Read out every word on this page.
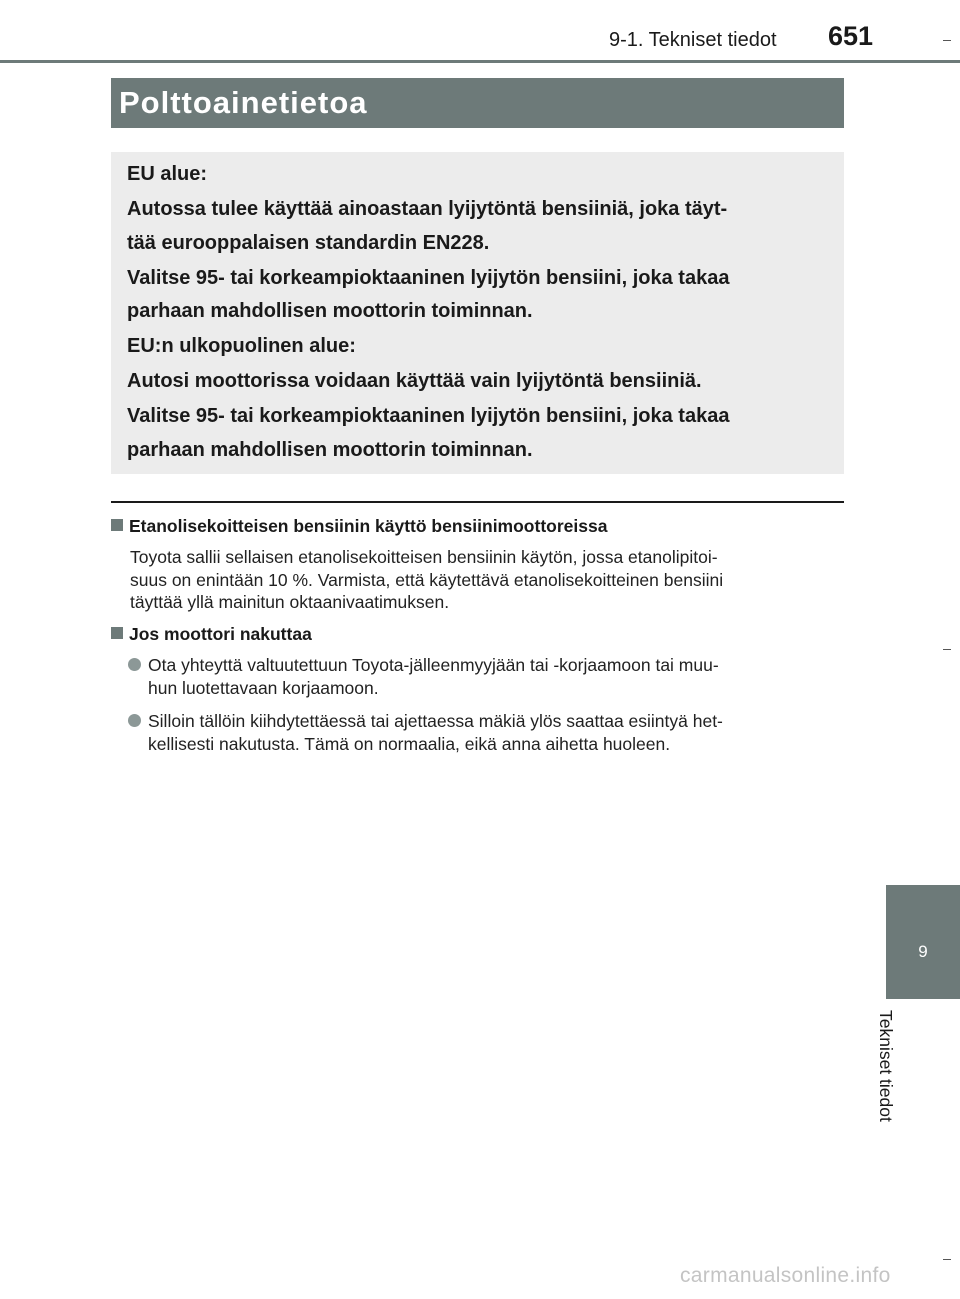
9-1. Tekniset tiedot 651
Polttoainetietoa

EU alue:

Autossa tulee käyttää ainoastaan lyijytöntä bensiiniä, joka täyt-

tää eurooppalaisen standardin EN228.

Valitse 95- tai korkeampioktaaninen lyijytön bensiini, joka takaa

parhaan mahdollisen moottorin toiminnan.

EU:n ulkopuolinen alue:

Autosi moottorissa voidaan käyttää vain lyijytöntä bensiiniä.

Valitse 95- tai korkeampioktaaninen lyijytön bensiini, joka takaa

parhaan mahdollisen moottorin toiminnan.

Etanolisekoitteisen bensiinin käyttö bensiinimoottoreissa
Toyota sallii sellaisen etanolisekoitteisen bensiinin käytön, jossa etanolipitoi-
suus on enintään 10 %. Varmista, että käytettävä etanolisekoitteinen bensiini
täyttää yllä mainitun oktaanivaatimuksen.
Jos moottori nakuttaa
Ota yhteyttä valtuutettuun Toyota-jälleenmyyjään tai -korjaamoon tai muu-
hun luotettavaan korjaamoon.
Silloin tällöin kiihdytettäessä tai ajettaessa mäkiä ylös saattaa esiintyä het-
kellisesti nakutusta. Tämä on normaalia, eikä anna aihetta huoleen.
9
Tekniset tiedot
carmanualsonline.info
